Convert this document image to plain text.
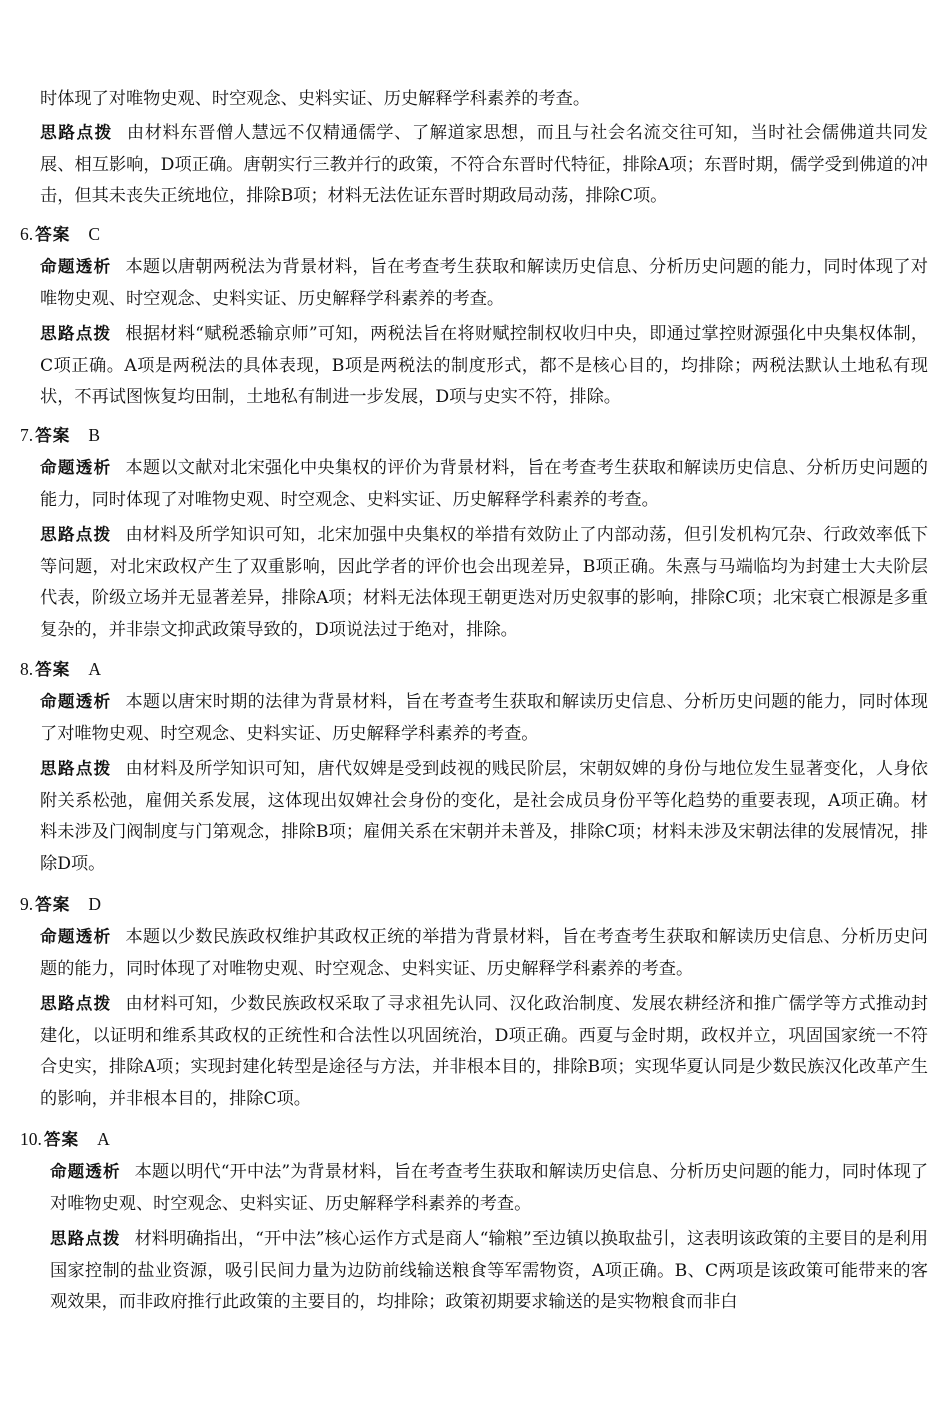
时体现了对唯物史观、时空观念、史料实证、历史解释学科素养的考查。

思路点拨 由材料东晋僧人慧远不仅精通儒学、了解道家思想，而且与社会名流交往可知，当时社会儒佛道共同发展、相互影响，D项正确。唐朝实行三教并行的政策，不符合东晋时代特征，排除A项；东晋时期，儒学受到佛道的冲击，但其未丧失正统地位，排除B项；材料无法佐证东晋时期政局动荡，排除C项。

6. 答案 C

命题透析 本题以唐朝两税法为背景材料，旨在考查考生获取和解读历史信息、分析历史问题的能力，同时体现了对唯物史观、时空观念、史料实证、历史解释学科素养的考查。

思路点拨 根据材料“赋税悉输京师”可知，两税法旨在将财赋控制权收归中央，即通过掌控财源强化中央集权体制，C项正确。A项是两税法的具体表现，B项是两税法的制度形式，都不是核心目的，均排除；两税法默认土地私有现状，不再试图恢复均田制，土地私有制进一步发展，D项与史实不符，排除。

7. 答案 B

命题透析 本题以文献对北宋强化中央集权的评价为背景材料，旨在考查考生获取和解读历史信息、分析历史问题的能力，同时体现了对唯物史观、时空观念、史料实证、历史解释学科素养的考查。

思路点拨 由材料及所学知识可知，北宋加强中央集权的举措有效防止了内部动荡，但引发机构冗杂、行政效率低下等问题，对北宋政权产生了双重影响，因此学者的评价也会出现差异，B项正确。朱熹与马端临均为封建士大夫阶层代表，阶级立场并无显著差异，排除A项；材料无法体现王朝更迭对历史叙事的影响，排除C项；北宋衰亡根源是多重复杂的，并非崇文抑武政策导致的，D项说法过于绝对，排除。

8. 答案 A

命题透析 本题以唐宋时期的法律为背景材料，旨在考查考生获取和解读历史信息、分析历史问题的能力，同时体现了对唯物史观、时空观念、史料实证、历史解释学科素养的考查。

思路点拨 由材料及所学知识可知，唐代奴婢是受到歧视的贱民阶层，宋朝奴婢的身份与地位发生显著变化，人身依附关系松弛，雇佣关系发展，这体现出奴婢社会身份的变化，是社会成员身份平等化趋势的重要表现，A项正确。材料未涉及门阀制度与门第观念，排除B项；雇佣关系在宋朝并未普及，排除C项；材料未涉及宋朝法律的发展情况，排除D项。

9. 答案 D

命题透析 本题以少数民族政权维护其政权正统的举措为背景材料，旨在考查考生获取和解读历史信息、分析历史问题的能力，同时体现了对唯物史观、时空观念、史料实证、历史解释学科素养的考查。

思路点拨 由材料可知，少数民族政权采取了寻求祖先认同、汉化政治制度、发展农耕经济和推广儒学等方式推动封建化，以证明和维系其政权的正统性和合法性以巩固统治，D项正确。西夏与金时期，政权并立，巩固国家统一不符合史实，排除A项；实现封建化转型是途径与方法，并非根本目的，排除B项；实现华夏认同是少数民族汉化改革产生的影响，并非根本目的，排除C项。

10. 答案 A

命题透析 本题以明代“开中法”为背景材料，旨在考查考生获取和解读历史信息、分析历史问题的能力，同时体现了对唯物史观、时空观念、史料实证、历史解释学科素养的考查。

思路点拨 材料明确指出，“开中法”核心运作方式是商人“输粮”至边镇以换取盐引，这表明该政策的主要目的是利用国家控制的盐业资源，吸引民间力量为边防前线输送粮食等军需物资，A项正确。B、C两项是该政策可能带来的客观效果，而非政府推行此政策的主要目的，均排除；政策初期要求输送的是实物粮食而非白
